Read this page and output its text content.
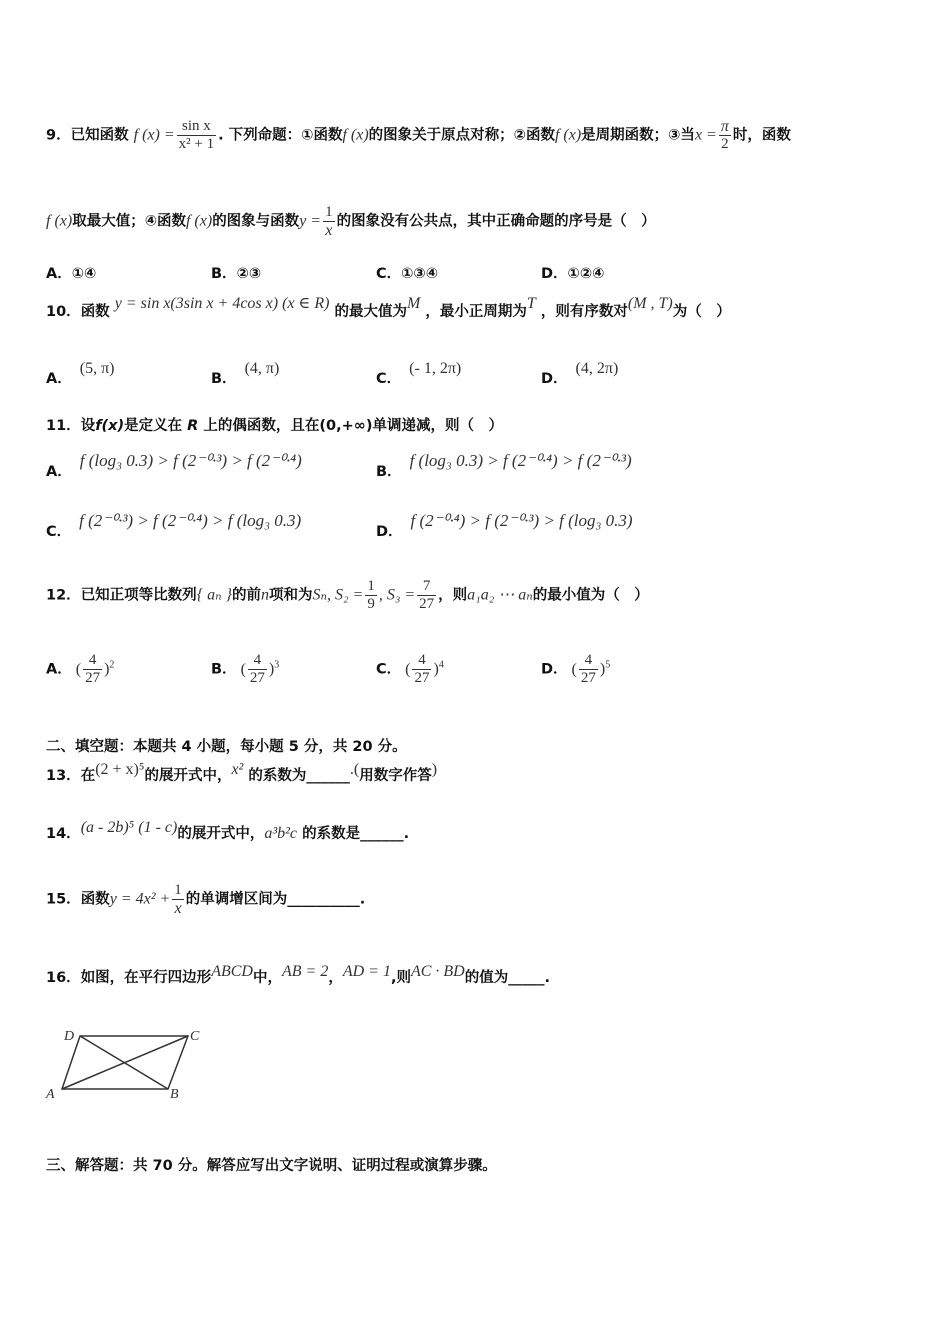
9．已知函数 f $(x) = \frac{\text{sin x}}{\text{x² + 1}}$ . 下列命题：①函数f (x)的图象关于原点对称；②函数f (x)是周期函数；③当$x = \frac{\pi}{2}$ 时，函数
f (x)取最大值；④函数f (x)的图象与函数$y = \frac{1}{x}$ 的图象没有公共点，其中正确命题的序号是（　）
A．①④	B．②③	C．①③④	D．①②④
10．函数 y = sin x(3sin x + 4cos x) (x ∈ R) 的最大值为M ，最小正周期为T ，则有序数对(M , T)为（　）
A．(5, π)
B．(4, π)
C．(- 1, 2π)
D．(4, 2π)
11．设f(x)是定义在 R 上的偶函数，且在(0,+∞)单调递减，则（　）
A．f (log₃ 0.3) > f (2⁻⁰·³) > f (2⁻⁰·⁴)
B．f (log₃ 0.3) > f (2⁻⁰·⁴) > f (2⁻⁰·³)
C．f (2⁻⁰·³) > f (2⁻⁰·⁴) > f (log₃ 0.3)
D．f (2⁻⁰·⁴) > f (2⁻⁰·³) > f (log₃ 0.3)
12．已知正项等比数列{ aₙ }的前n项和为Sₙ, $S_2 = \frac{1}{9}$ , $S_3 = \frac{7}{27}$ ，则a₁a₂ ⋯ aₙ的最小值为（　）
A． ( $\frac{4}{27} )^2$	B． ( $\frac{4}{27} )^3$	C． ( $\frac{4}{27} )^4$	D． ( $\frac{4}{27} )^5$
二、填空题：本题共 4 小题，每小题 5 分，共 20 分。
13．在(2 + x)⁵的展开式中，x² 的系数为______.(用数字作答)
14．(a - 2b)⁵ (1 - c)的展开式中，a³b²c 的系数是______.
15．函数$y = 4x^2 + \frac{1}{x}$ 的单调增区间为__________.
16．如图，在平行四边形ABCD中，AB = 2，AD = 1,则AC · BD的值为_____.
A	B
C
D
三、解答题：共 70 分。解答应写出文字说明、证明过程或演算步骤。
